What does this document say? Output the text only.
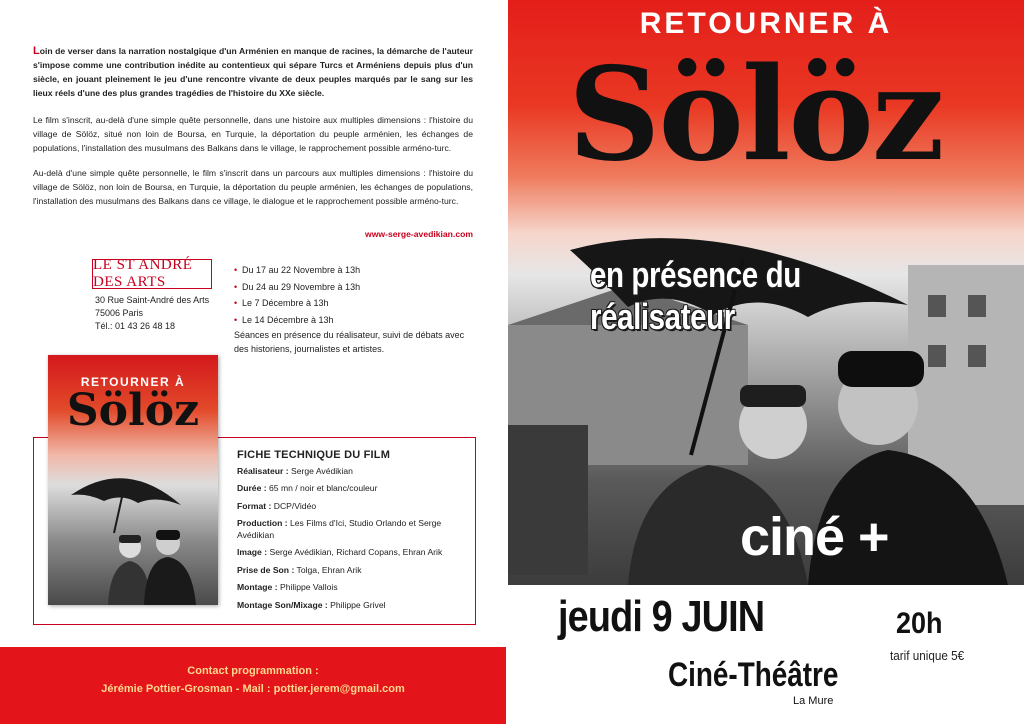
Loin de verser dans la narration nostalgique d'un Arménien en manque de racines, la démarche de l'auteur s'impose comme une contribution inédite au contentieux qui sépare Turcs et Arméniens depuis plus d'un siècle, en jouant pleinement le jeu d'une rencontre vivante de deux peuples marqués par le sang sur les lieux réels d'une des plus grandes tragédies de l'histoire du XXe siècle.

Le film s'inscrit, au-delà d'une simple quête personnelle, dans une histoire aux multiples dimensions : l'histoire du village de Sölöz, situé non loin de Boursa, en Turquie, la déportation du peuple arménien, les échanges de populations, l'installation des musulmans des Balkans dans le village, le rapprochement possible arméno-turc.

Au-delà d'une simple quête personnelle, le film s'inscrit dans un parcours aux multiples dimensions : l'histoire du village de Sölöz, non loin de Boursa, en Turquie, la déportation du peuple arménien, les échanges de populations, l'installation des musulmans des Balkans dans ce village, le dialogue et le rapprochement possible arméno-turc.

www-serge-avedikian.com
LE ST ANDRÉ DES ARTS
30 Rue Saint-André des Arts
75006 Paris
Tél.: 01 43 26 48 18
• Du 17 au 22 Novembre à 13h
• Du 24 au 29 Novembre à 13h
• Le 7 Décembre à 13h
• Le 14 Décembre à 13h

Séances en présence du réalisateur, suivi de débats avec des historiens, journalistes et artistes.

RETOURNER À
Sölöz
FICHE TECHNIQUE DU FILM
Réalisateur : Serge Avédikian
Durée : 65 mn / noir et blanc/couleur
Format : DCP/Vidéo
Production : Les Films d'Ici, Studio Orlando et Serge Avédikian
Image : Serge Avédikian, Richard Copans, Ehran Arik
Prise de Son : Tolga, Ehran Arik
Montage : Philippe Vallois
Montage Son/Mixage : Philippe Grivel
Contact programmation :
Jérémie Pottier-Grosman - Mail : pottier.jerem@gmail.com
RETOURNER À
Sölöz
en présence du réalisateur
ciné +

jeudi 9 JUIN	20h
tarif unique 5€
Ciné-Théâtre
La Mure
